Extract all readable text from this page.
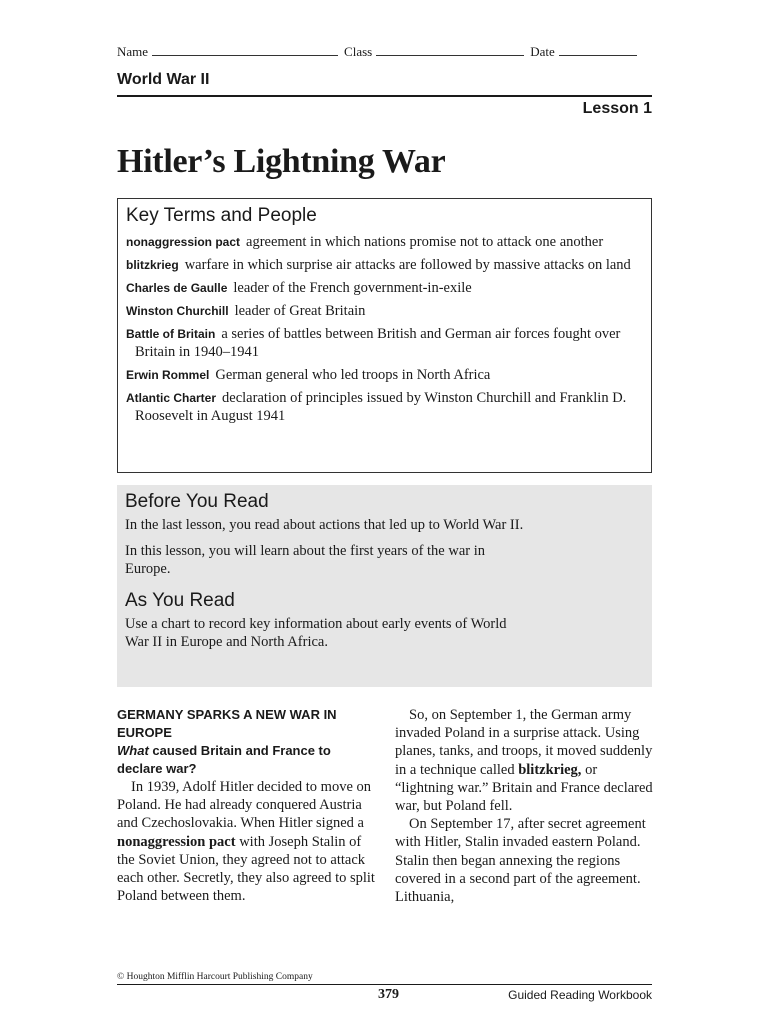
Name	Class	Date
World War II
Lesson 1
Hitler’s Lightning War
Key Terms and People
nonaggression pact agreement in which nations promise not to attack one another
blitzkrieg warfare in which surprise air attacks are followed by massive attacks on land
Charles de Gaulle leader of the French government-in-exile
Winston Churchill leader of Great Britain
Battle of Britain a series of battles between British and German air forces fought over Britain in 1940–1941
Erwin Rommel German general who led troops in North Africa
Atlantic Charter declaration of principles issued by Winston Churchill and Franklin D. Roosevelt in August 1941
Before You Read

In the last lesson, you read about actions that led up to World War II.

In this lesson, you will learn about the first years of the war in Europe.

As You Read

Use a chart to record key information about early events of World War II in Europe and North Africa.

GERMANY SPARKS A NEW WAR IN EUROPE
What caused Britain and France to declare war?

In 1939, Adolf Hitler decided to move on Poland. He had already conquered Austria and Czechoslovakia. When Hitler signed a nonaggression pact with Joseph Stalin of the Soviet Union, they agreed not to attack each other. Secretly, they also agreed to split Poland between them.

So, on September 1, the German army invaded Poland in a surprise attack. Using planes, tanks, and troops, it moved suddenly in a technique called blitzkrieg, or “lightning war.” Britain and France declared war, but Poland fell.

On September 17, after secret agreement with Hitler, Stalin invaded eastern Poland. Stalin then began annexing the regions covered in a second part of the agreement. Lithuania,

© Houghton Mifflin Harcourt Publishing Company
379	Guided Reading Workbook
